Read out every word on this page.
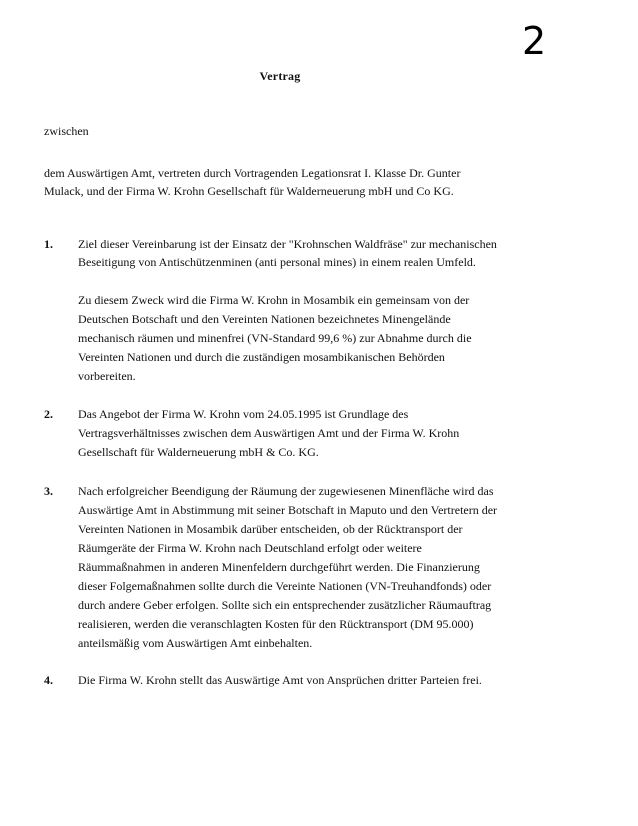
2
Vertrag
zwischen
dem Auswärtigen Amt, vertreten durch Vortragenden Legationsrat I. Klasse Dr. Gunter
Mulack, und der Firma W. Krohn Gesellschaft für Walderneuerung mbH und Co KG.
1. Ziel dieser Vereinbarung ist der Einsatz der "Krohnschen Waldfräse" zur mechanischen
Beseitigung von Antischützenminen (anti personal mines) in einem realen Umfeld.
Zu diesem Zweck wird die Firma W. Krohn in Mosambik ein gemeinsam von der
Deutschen Botschaft und den Vereinten Nationen bezeichnetes Minengelände
mechanisch räumen und minenfrei (VN-Standard 99,6 %) zur Abnahme durch die
Vereinten Nationen und durch die zuständigen mosambikanischen Behörden
vorbereiten.
2. Das Angebot der Firma W. Krohn vom 24.05.1995 ist Grundlage des
Vertragsverhältnisses zwischen dem Auswärtigen Amt und der Firma W. Krohn
Gesellschaft für Walderneuerung mbH & Co. KG.
3. Nach erfolgreicher Beendigung der Räumung der zugewiesenen Minenfläche wird das
Auswärtige Amt in Abstimmung mit seiner Botschaft in Maputo und den Vertretern der
Vereinten Nationen in Mosambik darüber entscheiden, ob der Rücktransport der
Räumgeräte der Firma W. Krohn nach Deutschland erfolgt oder weitere
Räummaßnahmen in anderen Minenfeldern durchgeführt werden. Die Finanzierung
dieser Folgemaßnahmen sollte durch die Vereinte Nationen (VN-Treuhandfonds) oder
durch andere Geber erfolgen. Sollte sich ein entsprechender zusätzlicher Räumauftrag
realisieren, werden die veranschlagten Kosten für den Rücktransport (DM 95.000)
anteilsmäßig vom Auswärtigen Amt einbehalten.
4. Die Firma W. Krohn stellt das Auswärtige Amt von Ansprüchen dritter Parteien frei.
